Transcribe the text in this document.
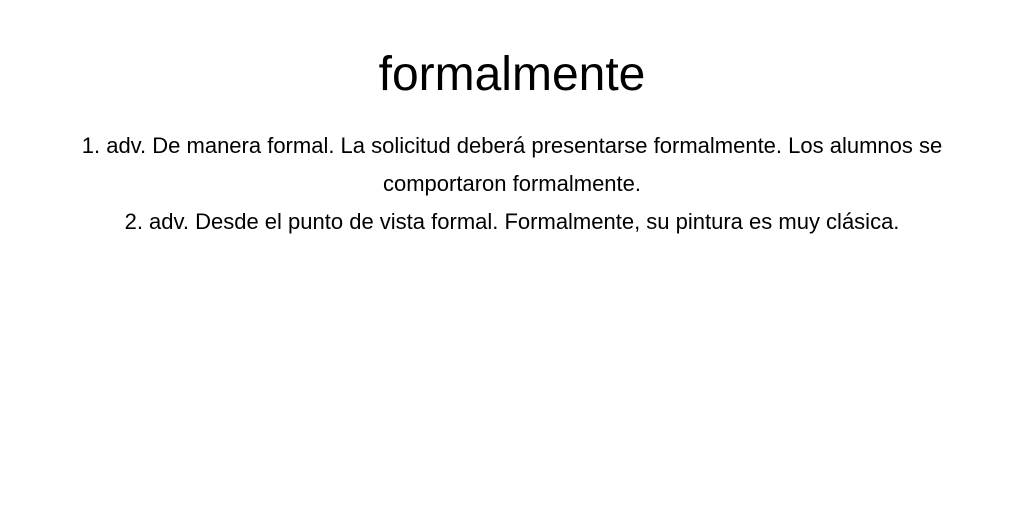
formalmente
1. adv. De manera formal. La solicitud deberá presentarse formalmente. Los alumnos se comportaron formalmente.
2. adv. Desde el punto de vista formal. Formalmente, su pintura es muy clásica.
